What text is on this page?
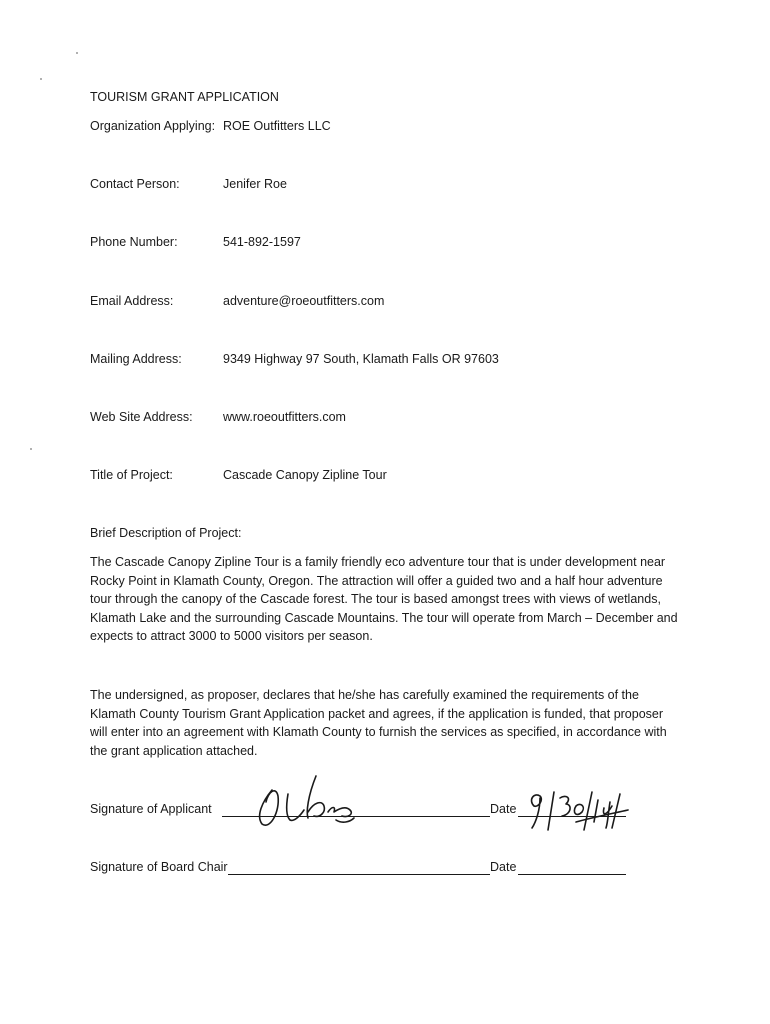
TOURISM GRANT APPLICATION
Organization Applying: ROE Outfitters LLC
Contact Person:	Jenifer Roe
Phone Number:	541-892-1597
Email Address:	adventure@roeoutfitters.com
Mailing Address:	9349 Highway 97 South, Klamath Falls OR 97603
Web Site Address: www.roeoutfitters.com
Title of Project:	Cascade Canopy Zipline Tour
Brief Description of Project:
The Cascade Canopy Zipline Tour is a family friendly eco adventure tour that is under development near Rocky Point in Klamath County, Oregon. The attraction will offer a guided two and a half hour adventure tour through the canopy of the Cascade forest. The tour is based amongst trees with views of wetlands, Klamath Lake and the surrounding Cascade Mountains. The tour will operate from March – December and expects to attract 3000 to 5000 visitors per season.
The undersigned, as proposer, declares that he/she has carefully examined the requirements of the Klamath County Tourism Grant Application packet and agrees, if the application is funded, that proposer will enter into an agreement with Klamath County to furnish the services as specified, in accordance with the grant application attached.
Signature of Applicant	Date
Signature of Board Chair	Date
